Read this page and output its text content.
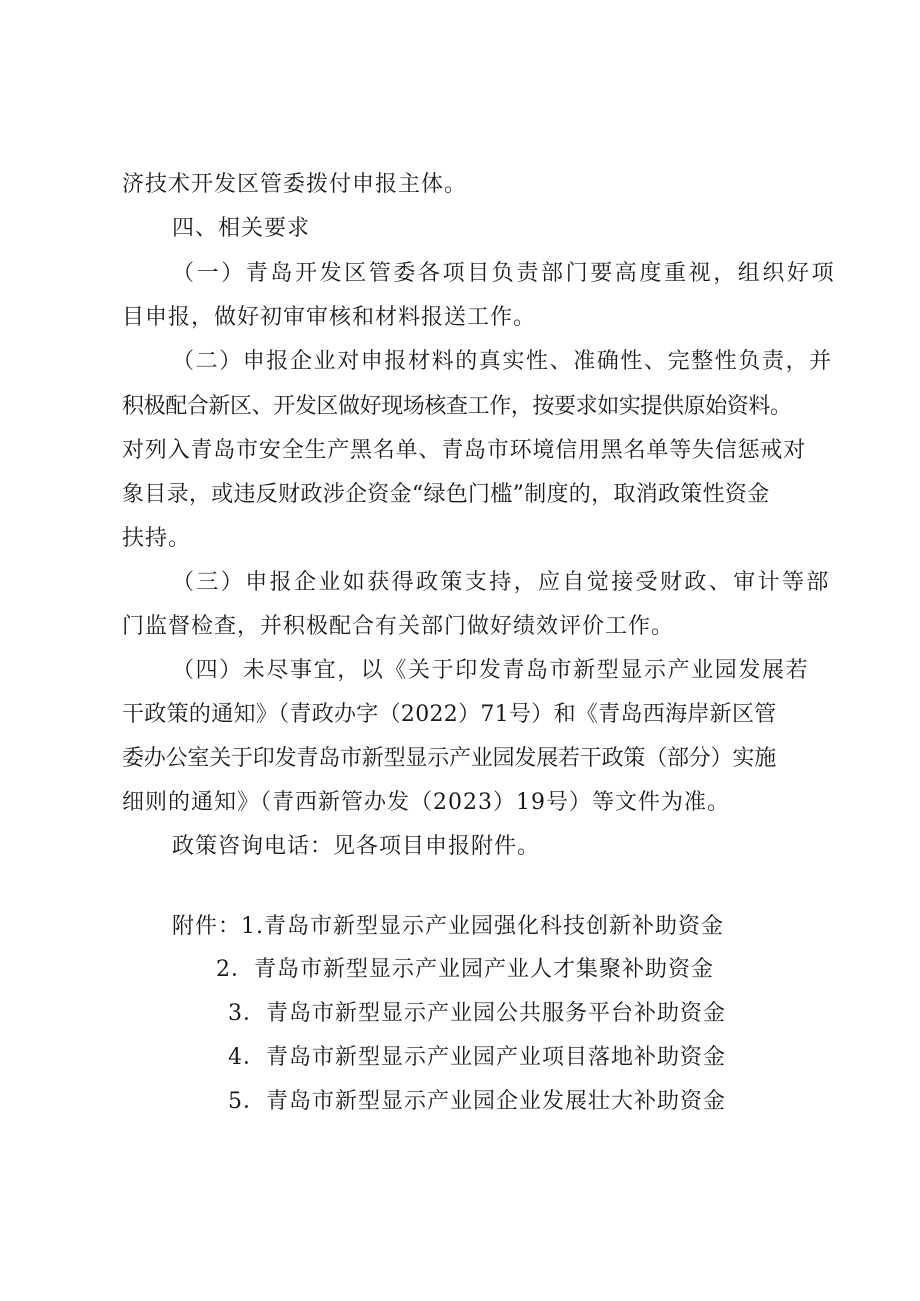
济技术开发区管委拨付申报主体。
四、相关要求
（一）青岛开发区管委各项目负责部门要高度重视，组织好项
目申报，做好初审审核和材料报送工作。
（二）申报企业对申报材料的真实性、准确性、完整性负责，并
积极配合新区、开发区做好现场核查工作，按要求如实提供原始资料。
对列入青岛市安全生产黑名单、青岛市环境信用黑名单等失信惩戒对
象目录，或违反财政涉企资金“绿色门槛”制度的，取消政策性资金
扶持。
（三）申报企业如获得政策支持，应自觉接受财政、审计等部
门监督检查，并积极配合有关部门做好绩效评价工作。
（四）未尽事宜，以《关于印发青岛市新型显示产业园发展若
干政策的通知》（青政办字（2022）71号）和《青岛西海岸新区管
委办公室关于印发青岛市新型显示产业园发展若干政策（部分）实施
细则的通知》（青西新管办发（2023）19号）等文件为准。
政策咨询电话：见各项目申报附件。
附件：1.青岛市新型显示产业园强化科技创新补助资金
2．青岛市新型显示产业园产业人才集聚补助资金
3．青岛市新型显示产业园公共服务平台补助资金
4．青岛市新型显示产业园产业项目落地补助资金
5．青岛市新型显示产业园企业发展壮大补助资金
